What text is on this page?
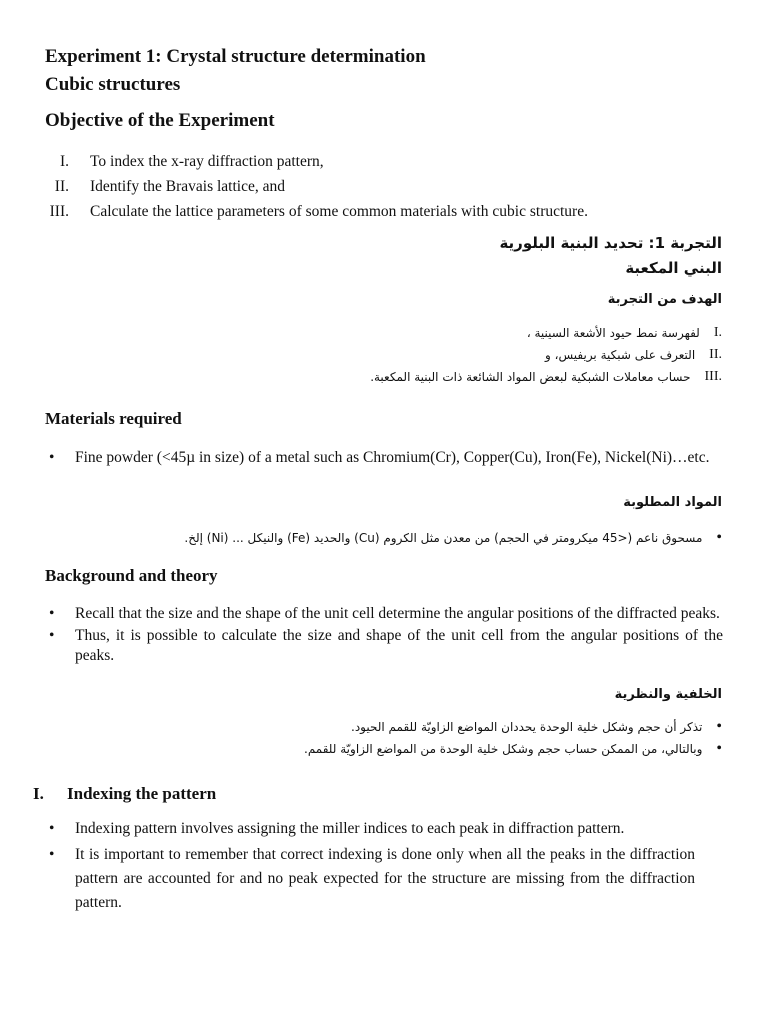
Experiment 1: Crystal structure determination
Cubic structures
Objective of the Experiment
I. To index the x-ray diffraction pattern,
II. Identify the Bravais lattice, and
III. Calculate the lattice parameters of some common materials with cubic structure.
التجربة 1: تحديد البنية البلورية
البني المكعبة
الهدف من التجربة
.I
لفهرسة نمط حيود الأشعة السينية ،
.II
التعرف على شبكية بريفيس، و
.III
حساب معاملات الشبكية لبعض المواد الشائعة ذات البنية المكعبة.
Materials required
•	Fine powder (<45µ in size) of a metal such as Chromium(Cr), Copper(Cu), Iron(Fe), Nickel(Ni)…etc.
المواد المطلوبة
•
مسحوق ناعم (<45 ميكرومتر في الحجم) من معدن مثل الكروم (Cu) والحديد (Fe) والنيكل ... (Ni) إلخ.
Background and theory
•	Recall that the size and the shape of the unit cell determine the angular positions of the diffracted peaks.
•	Thus, it is possible to calculate the size and shape of the unit cell from the angular positions of the peaks.
الخلفية والنظرية
•
تذكر أن حجم وشكل خلية الوحدة يحددان المواضع الزاويّة للقمم الحيود.
•
وبالتالي، من الممكن حساب حجم وشكل خلية الوحدة من المواضع الزاويّة للقمم.
I.	Indexing the pattern
•	Indexing pattern involves assigning the miller indices to each peak in diffraction pattern.
•	It is important to remember that correct indexing is done only when all the peaks in the diffraction pattern are accounted for and no peak expected for the structure are missing from the diffraction pattern.
